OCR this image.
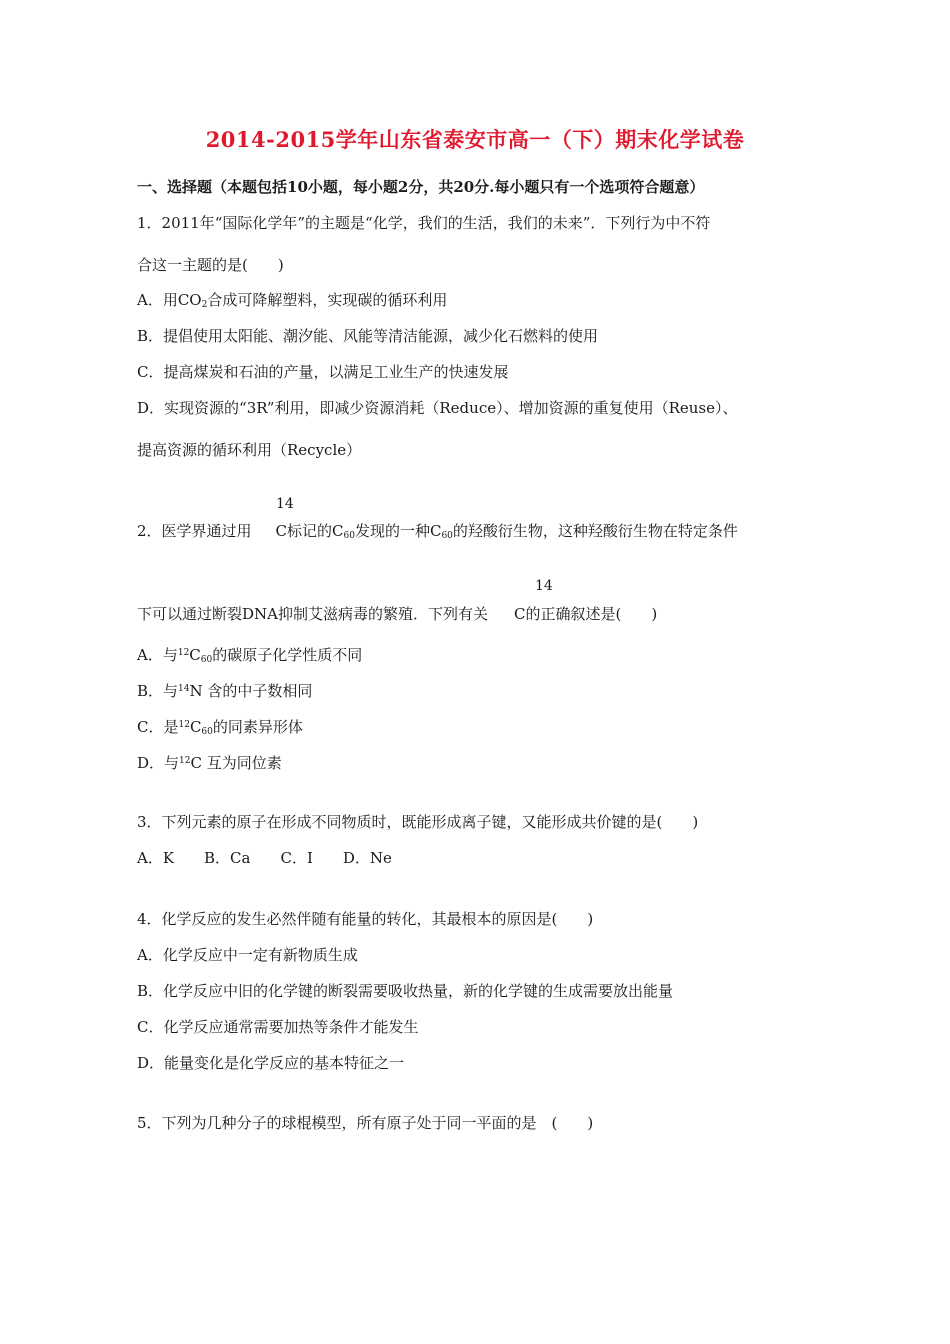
2014-2015学年山东省泰安市高一（下）期末化学试卷
一、选择题（本题包括10小题，每小题2分，共20分.每小题只有一个选项符合题意）
1．2011年“国际化学年”的主题是“化学，我们的生活，我们的未来”．下列行为中不符
合这一主题的是(　　)
A．用$CO_2$合成可降解塑料，实现碳的循环利用
B．提倡使用太阳能、潮汐能、风能等清洁能源，减少化石燃料的使用
C．提高煤炭和石油的产量，以满足工业生产的快速发展
D．实现资源的“3R”利用，即减少资源消耗（Reduce）、增加资源的重复使用（Reuse）、
提高资源的循环利用（Recycle）
14
2．医学界通过用 C标记的$C_{60}$发现的一种$C_{60}$的羟酸衍生物，这种羟酸衍生物在特定条件
14
下可以通过断裂DNA抑制艾滋病毒的繁殖．下列有关 C的正确叙述是(　　)
A．与$^{12}C_{60}$的碳原子化学性质不同
B．与$^{14}$N 含的中子数相同
C．是$^{12}C_{60}$的同素异形体
D．与$^{12}$C 互为同位素
3．下列元素的原子在形成不同物质时，既能形成离子键，又能形成共价键的是(　　)
A．K　　B．Ca　　C．I　　D．Ne
4．化学反应的发生必然伴随有能量的转化，其最根本的原因是(　　)
A．化学反应中一定有新物质生成
B．化学反应中旧的化学键的断裂需要吸收热量，新的化学键的生成需要放出能量
C．化学反应通常需要加热等条件才能发生
D．能量变化是化学反应的基本特征之一
5．下列为几种分子的球棍模型，所有原子处于同一平面的是　(　　)
